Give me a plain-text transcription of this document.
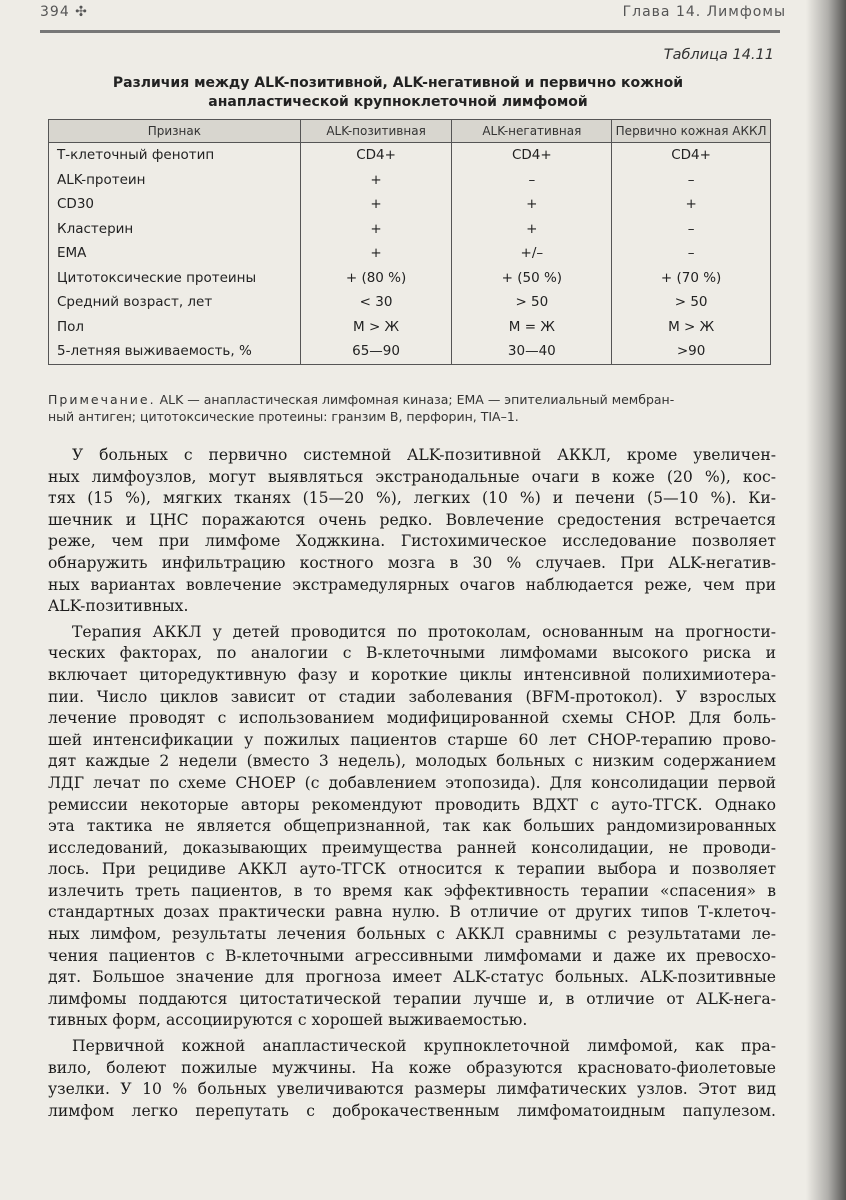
394 ✣	Глава 14. Лимфомы
Таблица 14.11
Различия между ALK-позитивной, ALK-негативной и первично кожной
анапластической крупноклеточной лимфомой
Признак	ALK-позитивная	ALK-негативная	Первично кожная АККЛ
Т-клеточный фенотип	CD4+	CD4+	CD4+
ALK-протеин	+	–	–
CD30	+	+	+
Кластерин	+	+	–
EMA	+	+/–	–
Цитотоксические протеины	+ (80 %)	+ (50 %)	+ (70 %)
Средний возраст, лет	< 30	> 50	> 50
Пол	M > Ж	M = Ж	M > Ж
5-летняя выживаемость, %	65—90	30—40	>90
Примечание. ALK — анапластическая лимфомная киназа; EMA — эпителиальный мембран-
ный антиген; цитотоксические протеины: гранзим B, перфорин, TIA–1.
У больных с первично системной ALK-позитивной АККЛ, кроме увеличен-
ных лимфоузлов, могут выявляться экстранодальные очаги в коже (20 %), кос-
тях (15 %), мягких тканях (15—20 %), легких (10 %) и печени (5—10 %). Ки-
шечник и ЦНС поражаются очень редко. Вовлечение средостения встречается
реже, чем при лимфоме Ходжкина. Гистохимическое исследование позволяет
обнаружить инфильтрацию костного мозга в 30 % случаев. При ALK-негатив-
ных вариантах вовлечение экстрамедулярных очагов наблюдается реже, чем при
ALK-позитивных.
Терапия АККЛ у детей проводится по протоколам, основанным на прогности-
ческих факторах, по аналогии с В-клеточными лимфомами высокого риска и
включает циторедуктивную фазу и короткие циклы интенсивной полихимиотера-
пии. Число циклов зависит от стадии заболевания (BFM-протокол). У взрослых
лечение проводят с использованием модифицированной схемы CHOP. Для боль-
шей интенсификации у пожилых пациентов старше 60 лет CHOP-терапию прово-
дят каждые 2 недели (вместо 3 недель), молодых больных с низким содержанием
ЛДГ лечат по схеме CHOEP (с добавлением этопозида). Для консолидации первой
ремиссии некоторые авторы рекомендуют проводить ВДХТ с ауто-ТГСК. Однако
эта тактика не является общепризнанной, так как больших рандомизированных
исследований, доказывающих преимущества ранней консолидации, не проводи-
лось. При рецидиве АККЛ ауто-ТГСК относится к терапии выбора и позволяет
излечить треть пациентов, в то время как эффективность терапии «спасения» в
стандартных дозах практически равна нулю. В отличие от других типов Т-клеточ-
ных лимфом, результаты лечения больных с АККЛ сравнимы с результатами ле-
чения пациентов с В-клеточными агрессивными лимфомами и даже их превосхо-
дят. Большое значение для прогноза имеет ALK-статус больных. ALK-позитивные
лимфомы поддаются цитостатической терапии лучше и, в отличие от ALK-нега-
тивных форм, ассоциируются с хорошей выживаемостью.
Первичной кожной анапластической крупноклеточной лимфомой, как пра-
вило, болеют пожилые мужчины. На коже образуются красновато-фиолетовые
узелки. У 10 % больных увеличиваются размеры лимфатических узлов. Этот вид
лимфом легко перепутать с доброкачественным лимфоматоидным папулезом.
